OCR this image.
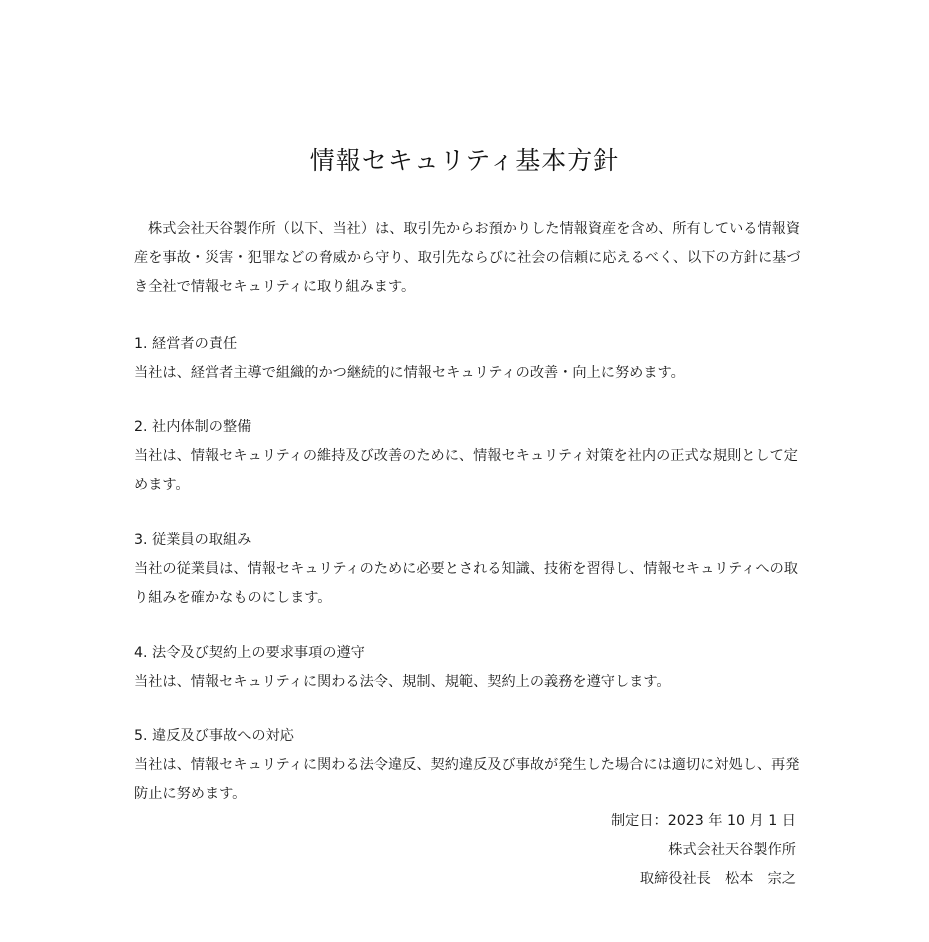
情報セキュリティ基本方針

株式会社天谷製作所（以下、当社）は、取引先からお預かりした情報資産を含め、所有している情報資産を事故・災害・犯罪などの脅威から守り、取引先ならびに社会の信頼に応えるべく、以下の方針に基づき全社で情報セキュリティに取り組みます。

1. 経営者の責任

当社は、経営者主導で組織的かつ継続的に情報セキュリティの改善・向上に努めます。

2. 社内体制の整備

当社は、情報セキュリティの維持及び改善のために、情報セキュリティ対策を社内の正式な規則として定めます。

3. 従業員の取組み

当社の従業員は、情報セキュリティのために必要とされる知識、技術を習得し、情報セキュリティへの取り組みを確かなものにします。

4. 法令及び契約上の要求事項の遵守

当社は、情報セキュリティに関わる法令、規制、規範、契約上の義務を遵守します。

5. 違反及び事故への対応

当社は、情報セキュリティに関わる法令違反、契約違反及び事故が発生した場合には適切に対処し、再発防止に努めます。

制定日：2023 年 10 月 1 日

株式会社天谷製作所

取締役社長　松本　宗之
